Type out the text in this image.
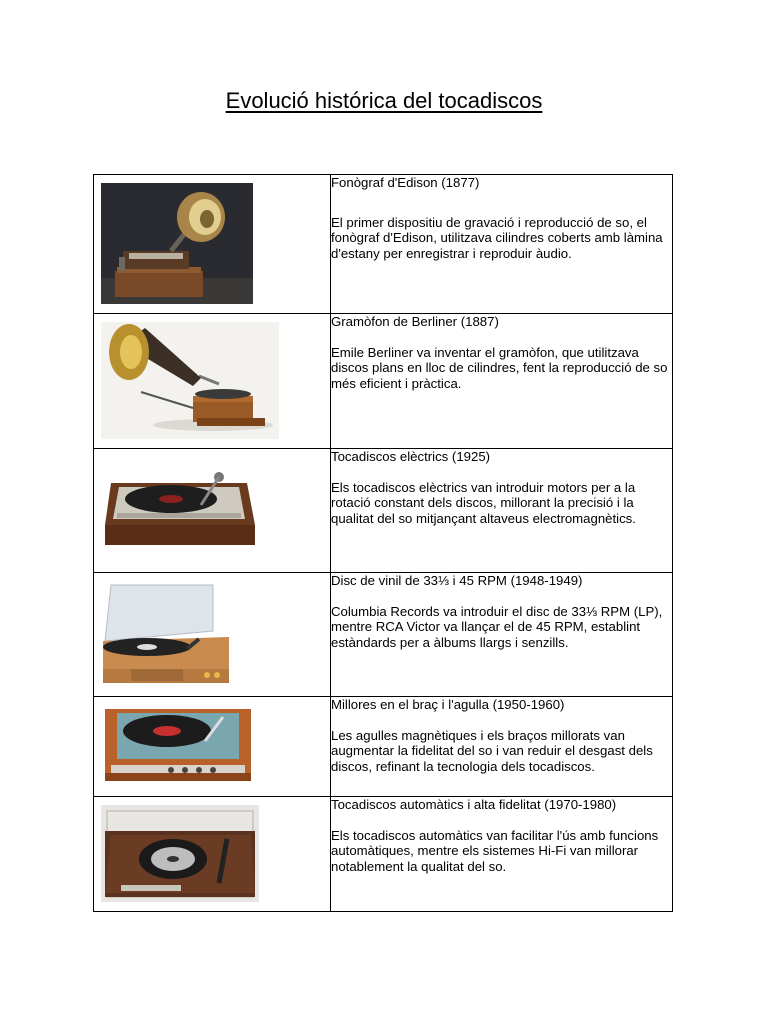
Evolució histórica del tocadiscos

Fonògraf d'Edison (1877)
El primer dispositiu de gravació i reproducció de so, el fonògraf d'Edison, utilitzava cilindres coberts amb làmina d'estany per enregistrar i reproduir àudio.

Gramòfon de Berliner (1887)
Emile Berliner va inventar el gramòfon, que utilitzava discos plans en lloc de cilindres, fent la reproducció de so més eficient i pràctica.

Tocadiscos elèctrics (1925)
Els tocadiscos elèctrics van introduir motors per a la rotació constant dels discos, millorant la precisió i la qualitat del so mitjançant altaveus electromagnètics.

Disc de vinil de 33⅓ i 45 RPM (1948-1949)
Columbia Records va introduir el disc de 33⅓ RPM (LP), mentre RCA Victor va llançar el de 45 RPM, establint estàndards per a àlbums llargs i senzills.

Millores en el braç i l'agulla (1950-1960)
Les agulles magnètiques i els braços millorats van augmentar la fidelitat del so i van reduir el desgast dels discos, refinant la tecnologia dels tocadiscos.

Tocadiscos automàtics i alta fidelitat (1970-1980)
Els tocadiscos automàtics van facilitar l'ús amb funcions automàtiques, mentre els sistemes Hi-Fi van millorar notablement la qualitat del so.
